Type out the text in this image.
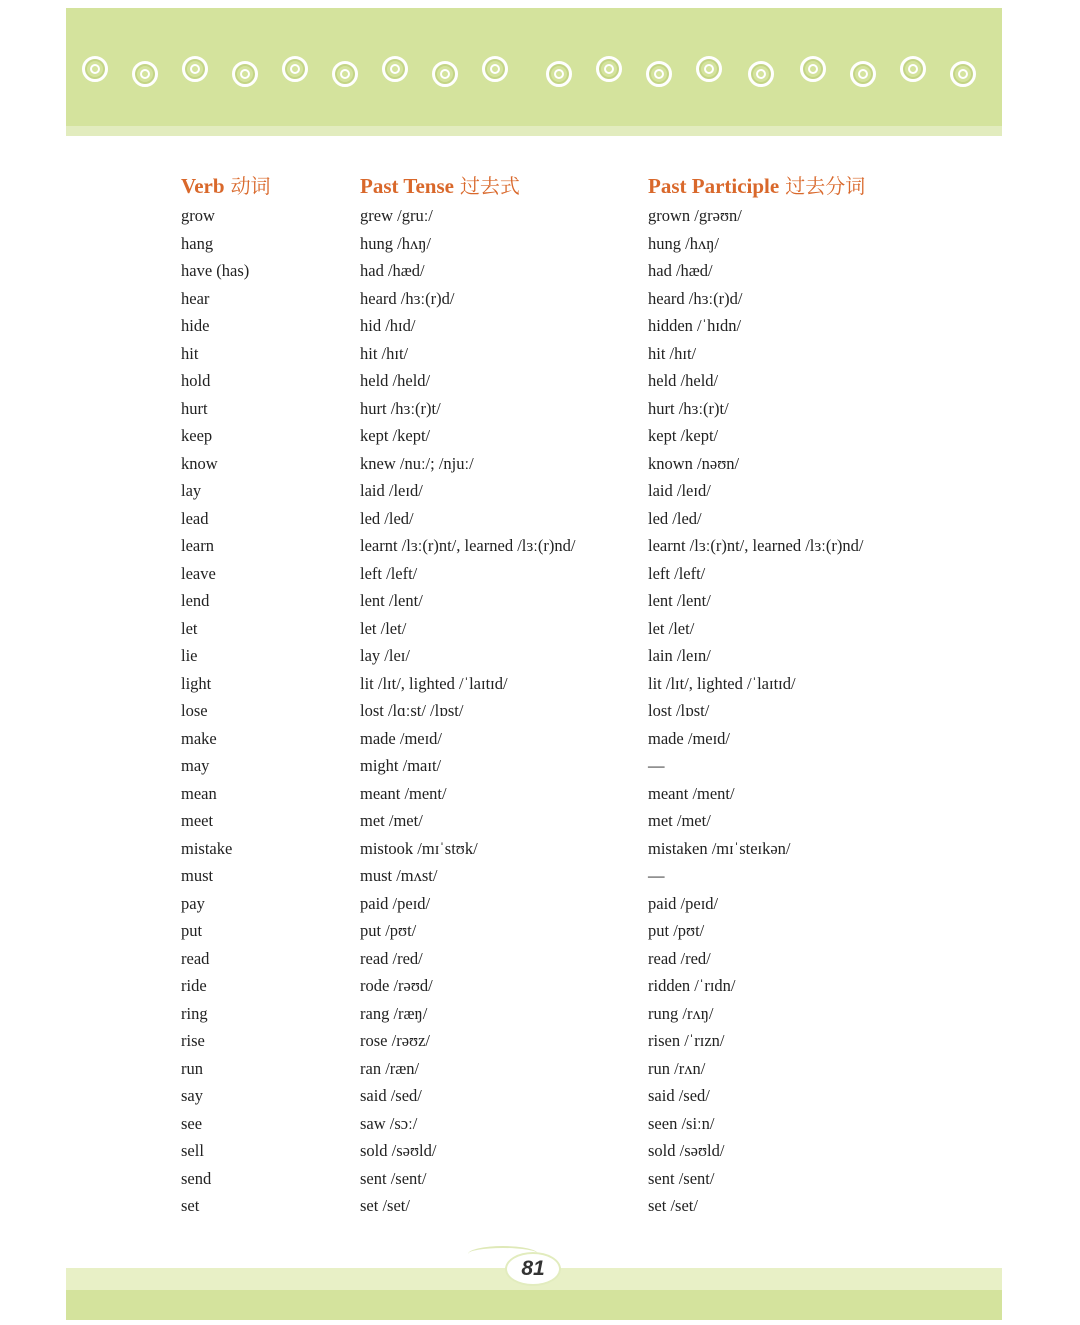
Verb 动词	Past Tense 过去式	Past Participle 过去分词
grow	grew /gruː/	grown /grəʊn/
hang	hung /hʌŋ/	hung /hʌŋ/
have (has)	had /hæd/	had /hæd/
hear	heard /hɜː(r)d/	heard /hɜː(r)d/
hide	hid /hɪd/	hidden /ˈhɪdn/
hit	hit /hɪt/	hit /hɪt/
hold	held /held/	held /held/
hurt	hurt /hɜː(r)t/	hurt /hɜː(r)t/
keep	kept /kept/	kept /kept/
know	knew /nuː/; /njuː/	known /nəʊn/
lay	laid /leɪd/	laid /leɪd/
lead	led /led/	led /led/
learn	learnt /lɜː(r)nt/, learned /lɜː(r)nd/	learnt /lɜː(r)nt/, learned /lɜː(r)nd/
leave	left /left/	left /left/
lend	lent /lent/	lent /lent/
let	let /let/	let /let/
lie	lay /leɪ/	lain /leɪn/
light	lit /lɪt/, lighted /ˈlaɪtɪd/	lit /lɪt/, lighted /ˈlaɪtɪd/
lose	lost /lɑːst/ /lɒst/	lost /lɒst/
make	made /meɪd/	made /meɪd/
may	might /maɪt/	—
mean	meant /ment/	meant /ment/
meet	met /met/	met /met/
mistake	mistook /mɪˈstʊk/	mistaken /mɪˈsteɪkən/
must	must /mʌst/	—
pay	paid /peɪd/	paid /peɪd/
put	put /pʊt/	put /pʊt/
read	read /red/	read /red/
ride	rode /rəʊd/	ridden /ˈrɪdn/
ring	rang /ræŋ/	rung /rʌŋ/
rise	rose /rəʊz/	risen /ˈrɪzn/
run	ran /ræn/	run /rʌn/
say	said /sed/	said /sed/
see	saw /sɔː/	seen /siːn/
sell	sold /səʊld/	sold /səʊld/
send	sent /sent/	sent /sent/
set	set /set/	set /set/
81
